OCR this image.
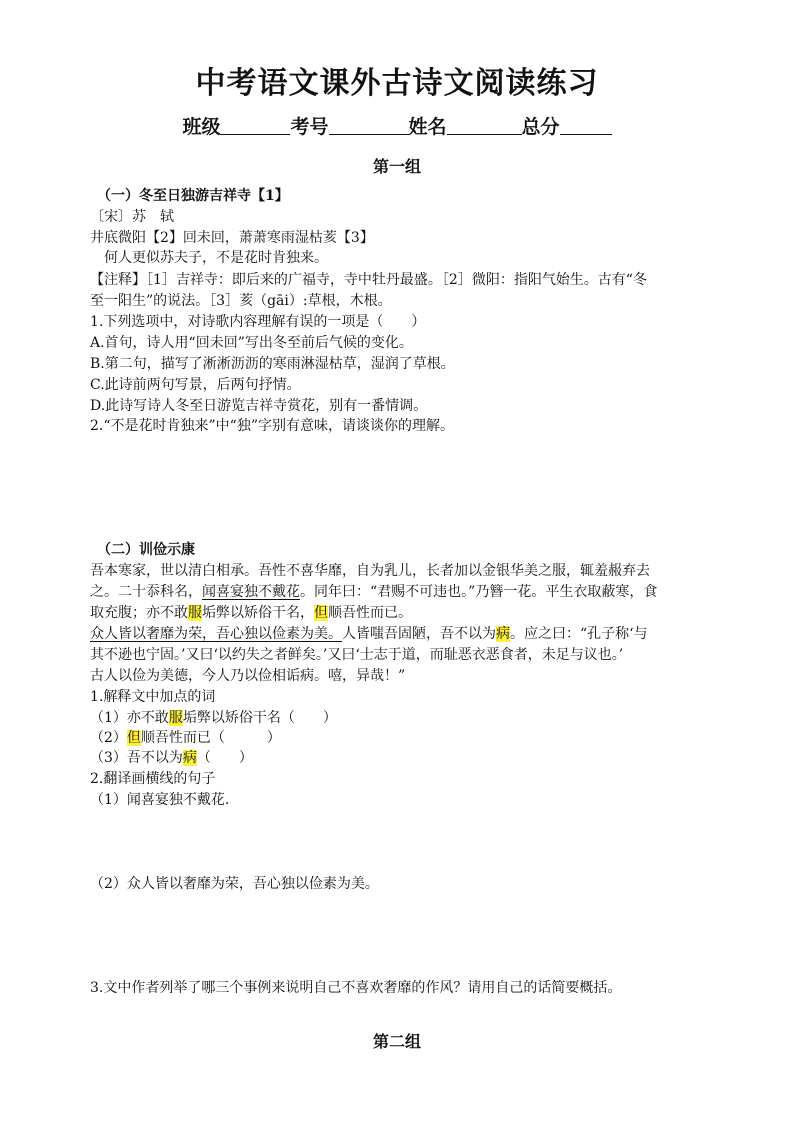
中考语文课外古诗文阅读练习
班级	考号	姓名	总分
第一组
（一）冬至日独游吉祥寺【1】
〔宋〕苏　轼
井底微阳【2】回未回，萧萧寒雨湿枯荄【3】
何人更似苏夫子，不是花时肯独来。
【注释】［1］吉祥寺：即后来的广福寺，寺中牡丹最盛。［2］微阳：指阳气始生。古有“冬
至一阳生”的说法。［3］荄（gāi）:草根，木根。
1.下列选项中，对诗歌内容理解有误的一项是（　　）
A.首句，诗人用“回未回”写出冬至前后气候的变化。
B.第二句，描写了淅淅沥沥的寒雨淋湿枯草，湿润了草根。
C.此诗前两句写景，后两句抒情。
D.此诗写诗人冬至日游览吉祥寺赏花，别有一番情调。
2.“不是花时肯独来”中“独”字别有意味，请谈谈你的理解。
（二）训俭示康
吾本寒家，世以清白相承。吾性不喜华靡，自为乳儿，长者加以金银华美之服，辄羞赧弃去
之。二十忝科名，闻喜宴独不戴花。同年曰：“君赐不可违也。”乃簪一花。平生衣取蔽寒，食
取充腹；亦不敢服垢弊以矫俗干名，但顺吾性而已。
众人皆以奢靡为荣，吾心独以俭素为美。人皆嗤吾固陋，吾不以为病。应之曰：“孔子称‘与
其不逊也宁固。’又曰‘以约失之者鲜矣。’又曰‘士志于道，而耻恶衣恶食者，未足与议也。’
古人以俭为美德，今人乃以俭相诟病。嘻，异哉！”
1.解释文中加点的词
（1）亦不敢服垢弊以矫俗干名（　　）
（2）但顺吾性而已（　　　）
（3）吾不以为病（　　）
2.翻译画横线的句子
（1）闻喜宴独不戴花.
（2）众人皆以奢靡为荣，吾心独以俭素为美。
3.文中作者列举了哪三个事例来说明自己不喜欢奢靡的作风？请用自己的话简要概括。
第二组
